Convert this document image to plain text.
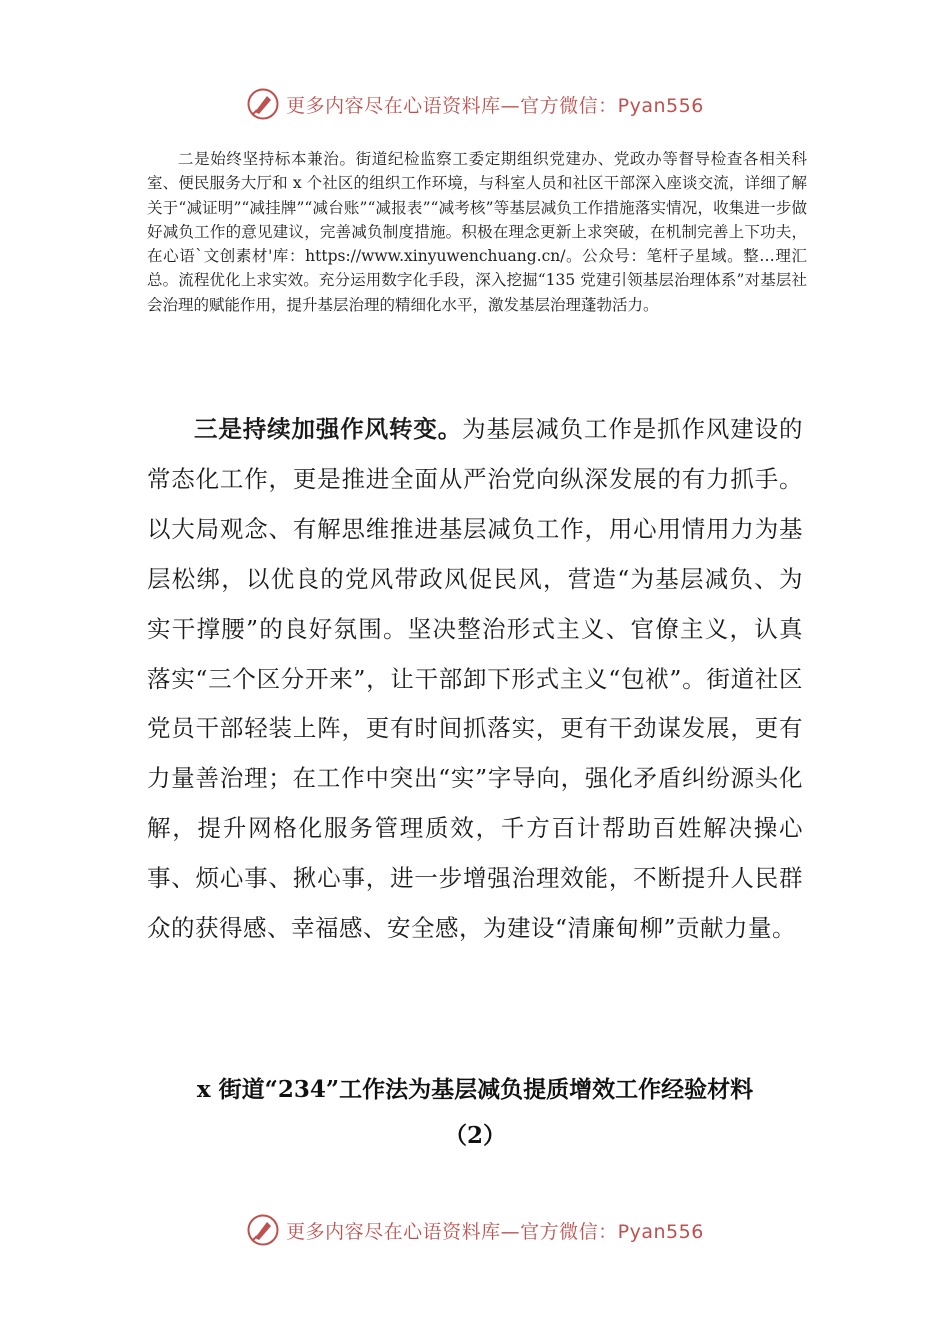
更多内容尽在心语资料库—官方微信：Pyan556

二是始终坚持标本兼治。街道纪检监察工委定期组织党建办、党政办等督导检查各相关科室、便民服务大厅和 x 个社区的组织工作环境，与科室人员和社区干部深入座谈交流，详细了解关于“减证明”“减挂牌”“减台账”“减报表”“减考核”等基层减负工作措施落实情况，收集进一步做好减负工作的意见建议，完善减负制度措施。积极在理念更新上求突破，在机制完善上下功夫，在心语`文创素材'库：https://www.xinyuwenchuang.cn/。公众号：笔杆子星域。整…理汇总。流程优化上求实效。充分运用数字化手段，深入挖掘“135 党建引领基层治理体系”对基层社会治理的赋能作用，提升基层治理的精细化水平，激发基层治理蓬勃活力。

三是持续加强作风转变。为基层减负工作是抓作风建设的常态化工作，更是推进全面从严治党向纵深发展的有力抓手。以大局观念、有解思维推进基层减负工作，用心用情用力为基层松绑，以优良的党风带政风促民风，营造“为基层减负、为实干撑腰”的良好氛围。坚决整治形式主义、官僚主义，认真落实“三个区分开来”，让干部卸下形式主义“包袱”。街道社区党员干部轻装上阵，更有时间抓落实，更有干劲谋发展，更有力量善治理；在工作中突出“实”字导向，强化矛盾纠纷源头化解，提升网格化服务管理质效，千方百计帮助百姓解决操心事、烦心事、揪心事，进一步增强治理效能，不断提升人民群众的获得感、幸福感、安全感，为建设“清廉甸柳”贡献力量。

x 街道“234”工作法为基层减负提质增效工作经验材料
（2）
更多内容尽在心语资料库—官方微信：Pyan556
